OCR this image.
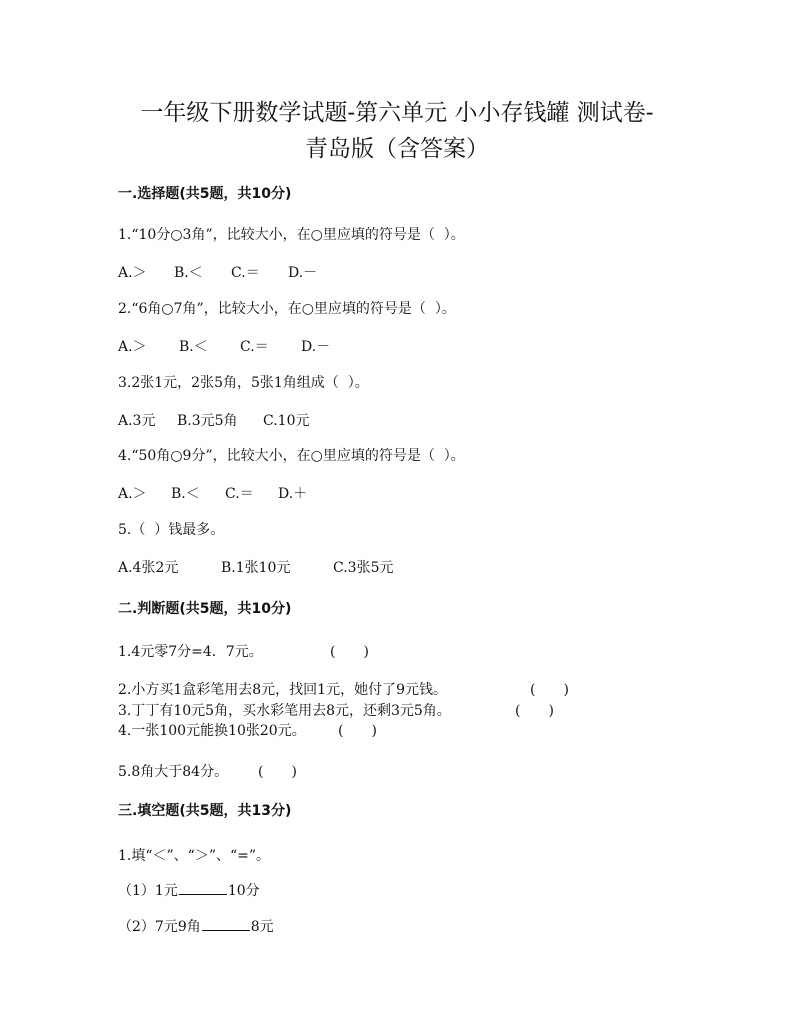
一年级下册数学试题-第六单元 小小存钱罐 测试卷-
青岛版（含答案）
一.选择题(共5题，共10分)
1.“10分○3角”，比较大小，在○里应填的符号是（  ）。
A.＞ B.＜ C.＝ D.－
2.“6角○7角”，比较大小，在○里应填的符号是（  ）。
A.＞ B.＜ C.＝ D.－
3.2张1元，2张5角，5张1角组成（  ）。
A.3元 B.3元5角 C.10元
4.“50角○9分”，比较大小，在○里应填的符号是（  ）。
A.＞ B.＜ C.＝ D.＋
5.（  ）钱最多。
A.4张2元	B.1张10元	C.3张5元
二.判断题(共5题，共10分)
1.4元零7分=4．7元。	(　　)
2.小方买1盒彩笔用去8元，找回1元，她付了9元钱。	(　　)
3.丁丁有10元5角，买水彩笔用去8元，还剩3元5角。	(　　)
4.一张100元能换10张20元。 (　　)
5.8角大于84分。 (　　)
三.填空题(共5题，共13分)
1.填“＜”、“＞”、“=”。
（1）1元	10分
（2）7元9角	8元
